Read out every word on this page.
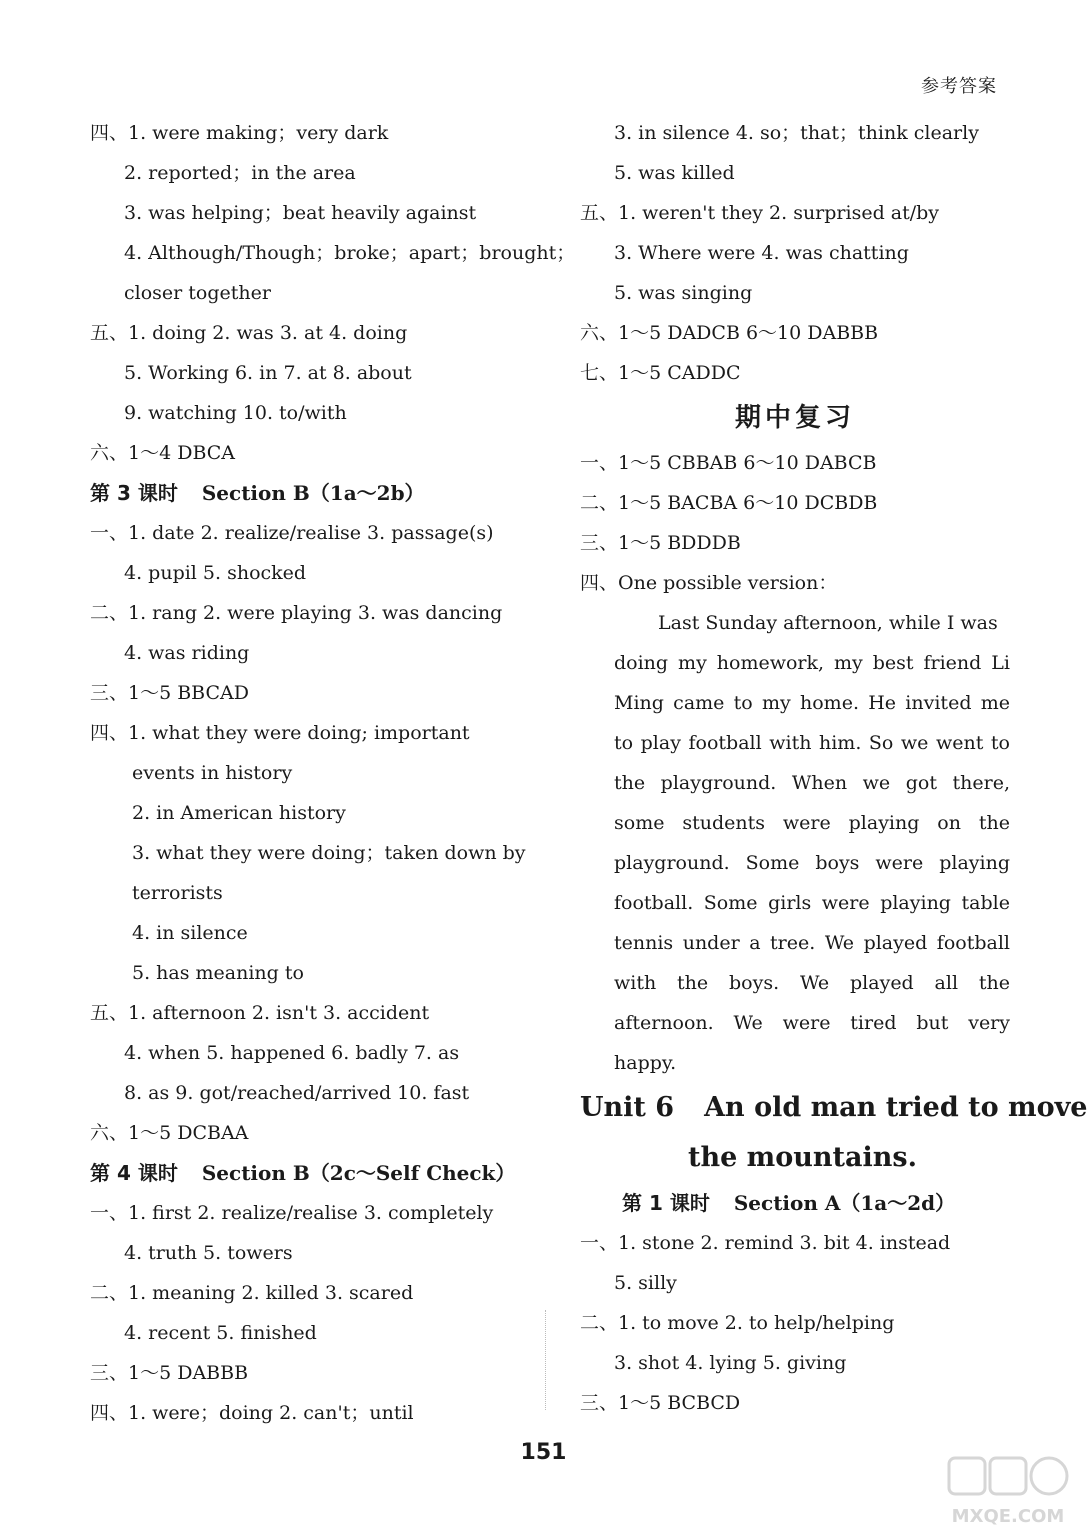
参考答案
四、1. were making；very dark
2. reported；in the area
3. was helping；beat heavily against
4. Although/Though；broke；apart；brought；
closer together
五、1. doing 2. was 3. at 4. doing
5. Working 6. in 7. at 8. about
9. watching 10. to/with
六、1～4 DBCA
第 3 课时 Section B（1a～2b）
一、1. date 2. realize/realise 3. passage(s)
4. pupil 5. shocked
二、1. rang 2. were playing 3. was dancing
4. was riding
三、1～5 BBCAD
四、1. what they were doing; important
events in history
2. in American history
3. what they were doing；taken down by
terrorists
4. in silence
5. has meaning to
五、1. afternoon 2. isn't 3. accident
4. when 5. happened 6. badly 7. as
8. as 9. got/reached/arrived 10. fast
六、1～5 DCBAA
第 4 课时 Section B（2c～Self Check）
一、1. first 2. realize/realise 3. completely
4. truth 5. towers
二、1. meaning 2. killed 3. scared
4. recent 5. finished
三、1～5 DABBB
四、1. were；doing 2. can't；until
3. in silence 4. so；that；think clearly
5. was killed
五、1. weren't they 2. surprised at/by
3. Where were 4. was chatting
5. was singing
六、1～5 DADCB 6～10 DABBB
七、1～5 CADDC
期中复习
一、1～5 CBBAB 6～10 DABCB
二、1～5 BACBA 6～10 DCBDB
三、1～5 BDDDB
四、One possible version：
Last Sunday afternoon, while I was
doing my homework, my best friend Li
Ming came to my home. He invited me
to play football with him. So we went to
the playground. When we got there,
some students were playing on the
playground. Some boys were playing
football. Some girls were playing table
tennis under a tree. We played football
with the boys. We played all the
afternoon. We were tired but very
happy.
Unit 6 An old man tried to move
the mountains.
第 1 课时 Section A（1a～2d）
一、1. stone 2. remind 3. bit 4. instead
5. silly
二、1. to move 2. to help/helping
3. shot 4. lying 5. giving
三、1～5 BCBCD
151
MXQE.COM
